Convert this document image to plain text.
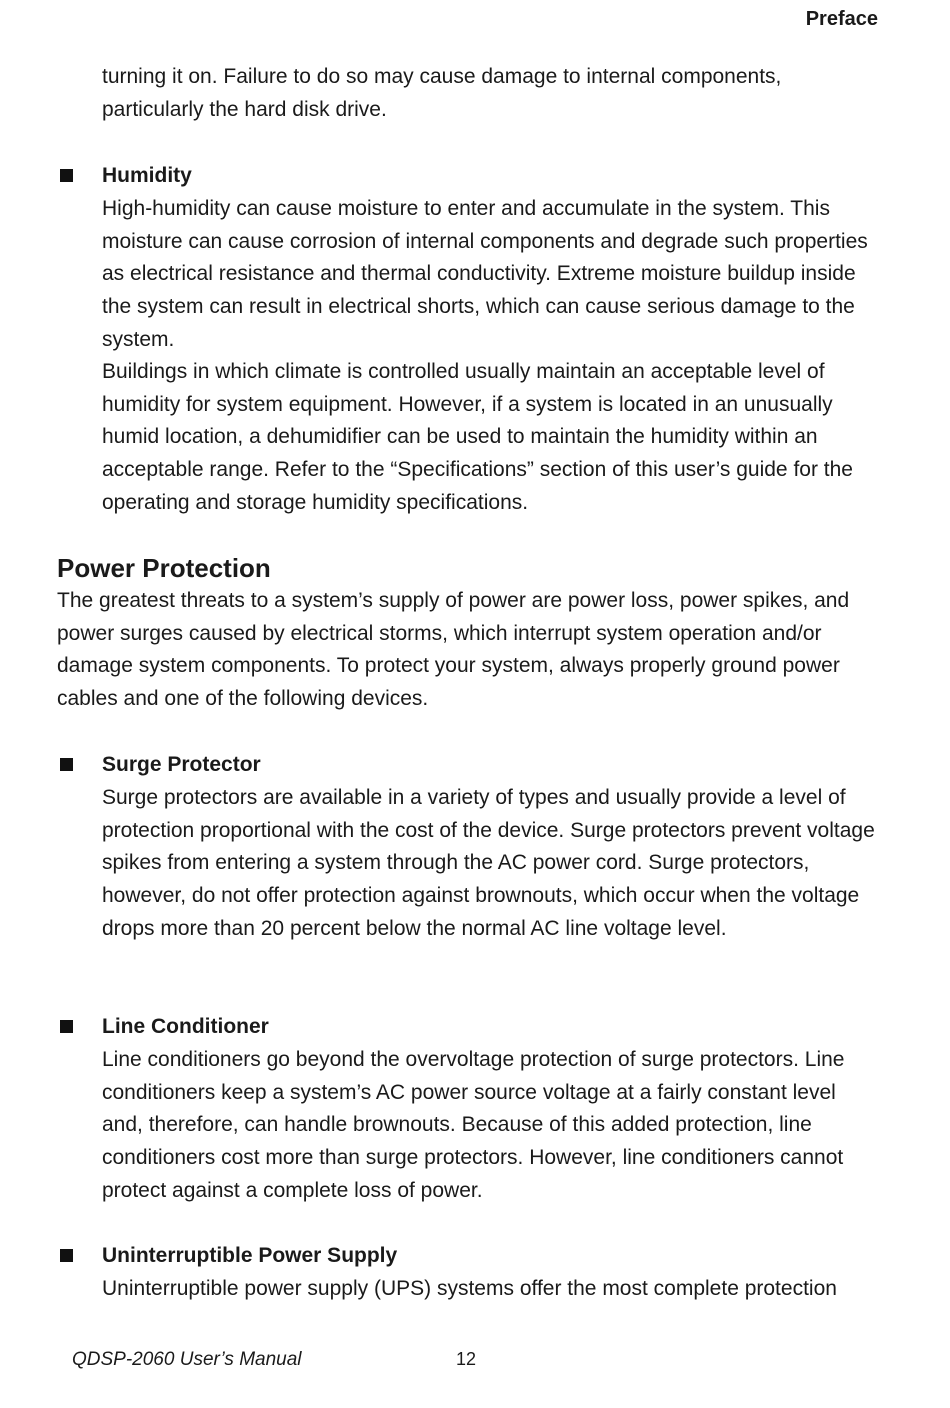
Preface

turning it on. Failure to do so may cause damage to internal components, particularly the hard disk drive.

Humidity

High-humidity can cause moisture to enter and accumulate in the system. This moisture can cause corrosion of internal components and degrade such properties as electrical resistance and thermal conductivity. Extreme moisture buildup inside the system can result in electrical shorts, which can cause serious damage to the system.

Buildings in which climate is controlled usually maintain an acceptable level of humidity for system equipment. However, if a system is located in an unusually humid location, a dehumidifier can be used to maintain the humidity within an acceptable range. Refer to the “Specifications” section of this user’s guide for the operating and storage humidity specifications.

Power Protection

The greatest threats to a system’s supply of power are power loss, power spikes, and power surges caused by electrical storms, which interrupt system operation and/or damage system components. To protect your system, always properly ground power cables and one of the following devices.

Surge Protector

Surge protectors are available in a variety of types and usually provide a level of protection proportional with the cost of the device. Surge protectors prevent voltage spikes from entering a system through the AC power cord. Surge protectors, however, do not offer protection against brownouts, which occur when the voltage drops more than 20 percent below the normal AC line voltage level.

Line Conditioner

Line conditioners go beyond the overvoltage protection of surge protectors. Line conditioners keep a system’s AC power source voltage at a fairly constant level and, therefore, can handle brownouts. Because of this added protection, line conditioners cost more than surge protectors. However, line conditioners cannot protect against a complete loss of power.

Uninterruptible Power Supply

Uninterruptible power supply (UPS) systems offer the most complete protection

QDSP-2060 User’s Manual	12
